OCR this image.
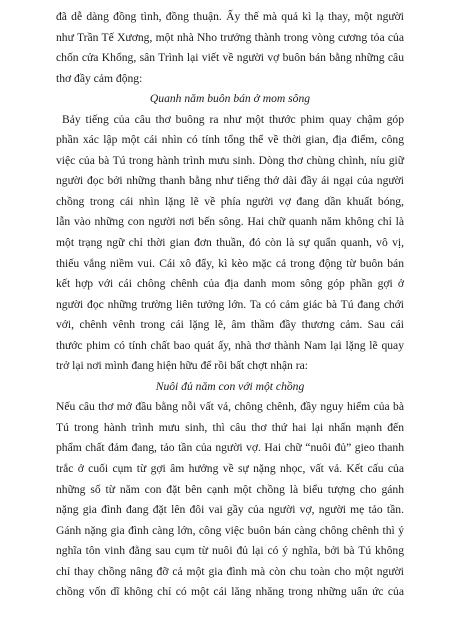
đã dễ dàng đồng tình, đồng thuận. Ấy thế mà quả kì lạ thay, một người
như Trần Tế Xương, một nhà Nho trưởng thành trong vòng cương tỏa của
chốn cửa Khổng, sân Trình lại viết về người vợ buôn bán bằng những câu
thơ đầy cảm động:

Quanh năm buôn bán ở mom sông

Bảy tiếng của câu thơ buông ra như một thước phim quay chậm góp
phần xác lập một cái nhìn có tính tổng thể về thời gian, địa điểm, công
việc của bà Tú trong hành trình mưu sinh. Dòng thơ chùng chình, níu giữ
người đọc bởi những thanh bằng như tiếng thở dài đầy ái ngại của người
chồng trong cái nhìn lặng lẽ về phía người vợ đang dần khuất bóng,
lẫn vào những con người nơi bến sông. Hai chữ quanh năm không chỉ là
một trạng ngữ chỉ thời gian đơn thuần, đó còn là sự quẩn quanh, vô vị,
thiếu vắng niềm vui. Cái xô đẩy, kì kèo mặc cả trong động từ buôn bán
kết hợp với cái chông chênh của địa danh mom sông góp phần gợi ở
người đọc những trường liên tưởng lớn. Ta có cảm giác bà Tú đang chới
với, chênh vênh trong cái lặng lẽ, âm thầm đầy thương cảm. Sau cái
thước phim có tính chất bao quát ấy, nhà thơ thành Nam lại lặng lẽ quay
trở lại nơi mình đang hiện hữu để rồi bất chợt nhận ra:

Nuôi đủ năm con với một chồng

Nếu câu thơ mở đầu bằng nỗi vất vả, chông chênh, đầy nguy hiểm của bà
Tú trong hành trình mưu sinh, thì câu thơ thứ hai lại nhấn mạnh đến
phẩm chất đảm đang, tảo tần của người vợ. Hai chữ “nuôi đủ” gieo thanh
trắc ở cuối cụm từ gợi âm hưởng về sự nặng nhọc, vất vả. Kết cấu của
những số từ năm con đặt bên cạnh một chồng là biểu tượng cho gánh
nặng gia đình đang đặt lên đôi vai gầy của người vợ, người mẹ tảo tần.
Gánh nặng gia đình càng lớn, công việc buôn bán càng chông chênh thì ý
nghĩa tôn vinh đằng sau cụm từ nuôi đủ lại có ý nghĩa, bởi bà Tú không
chỉ thay chồng nâng đỡ cả một gia đình mà còn chu toàn cho một người
chồng vốn dĩ không chỉ có một cái lăng nhăng trong những uẩn ức của
